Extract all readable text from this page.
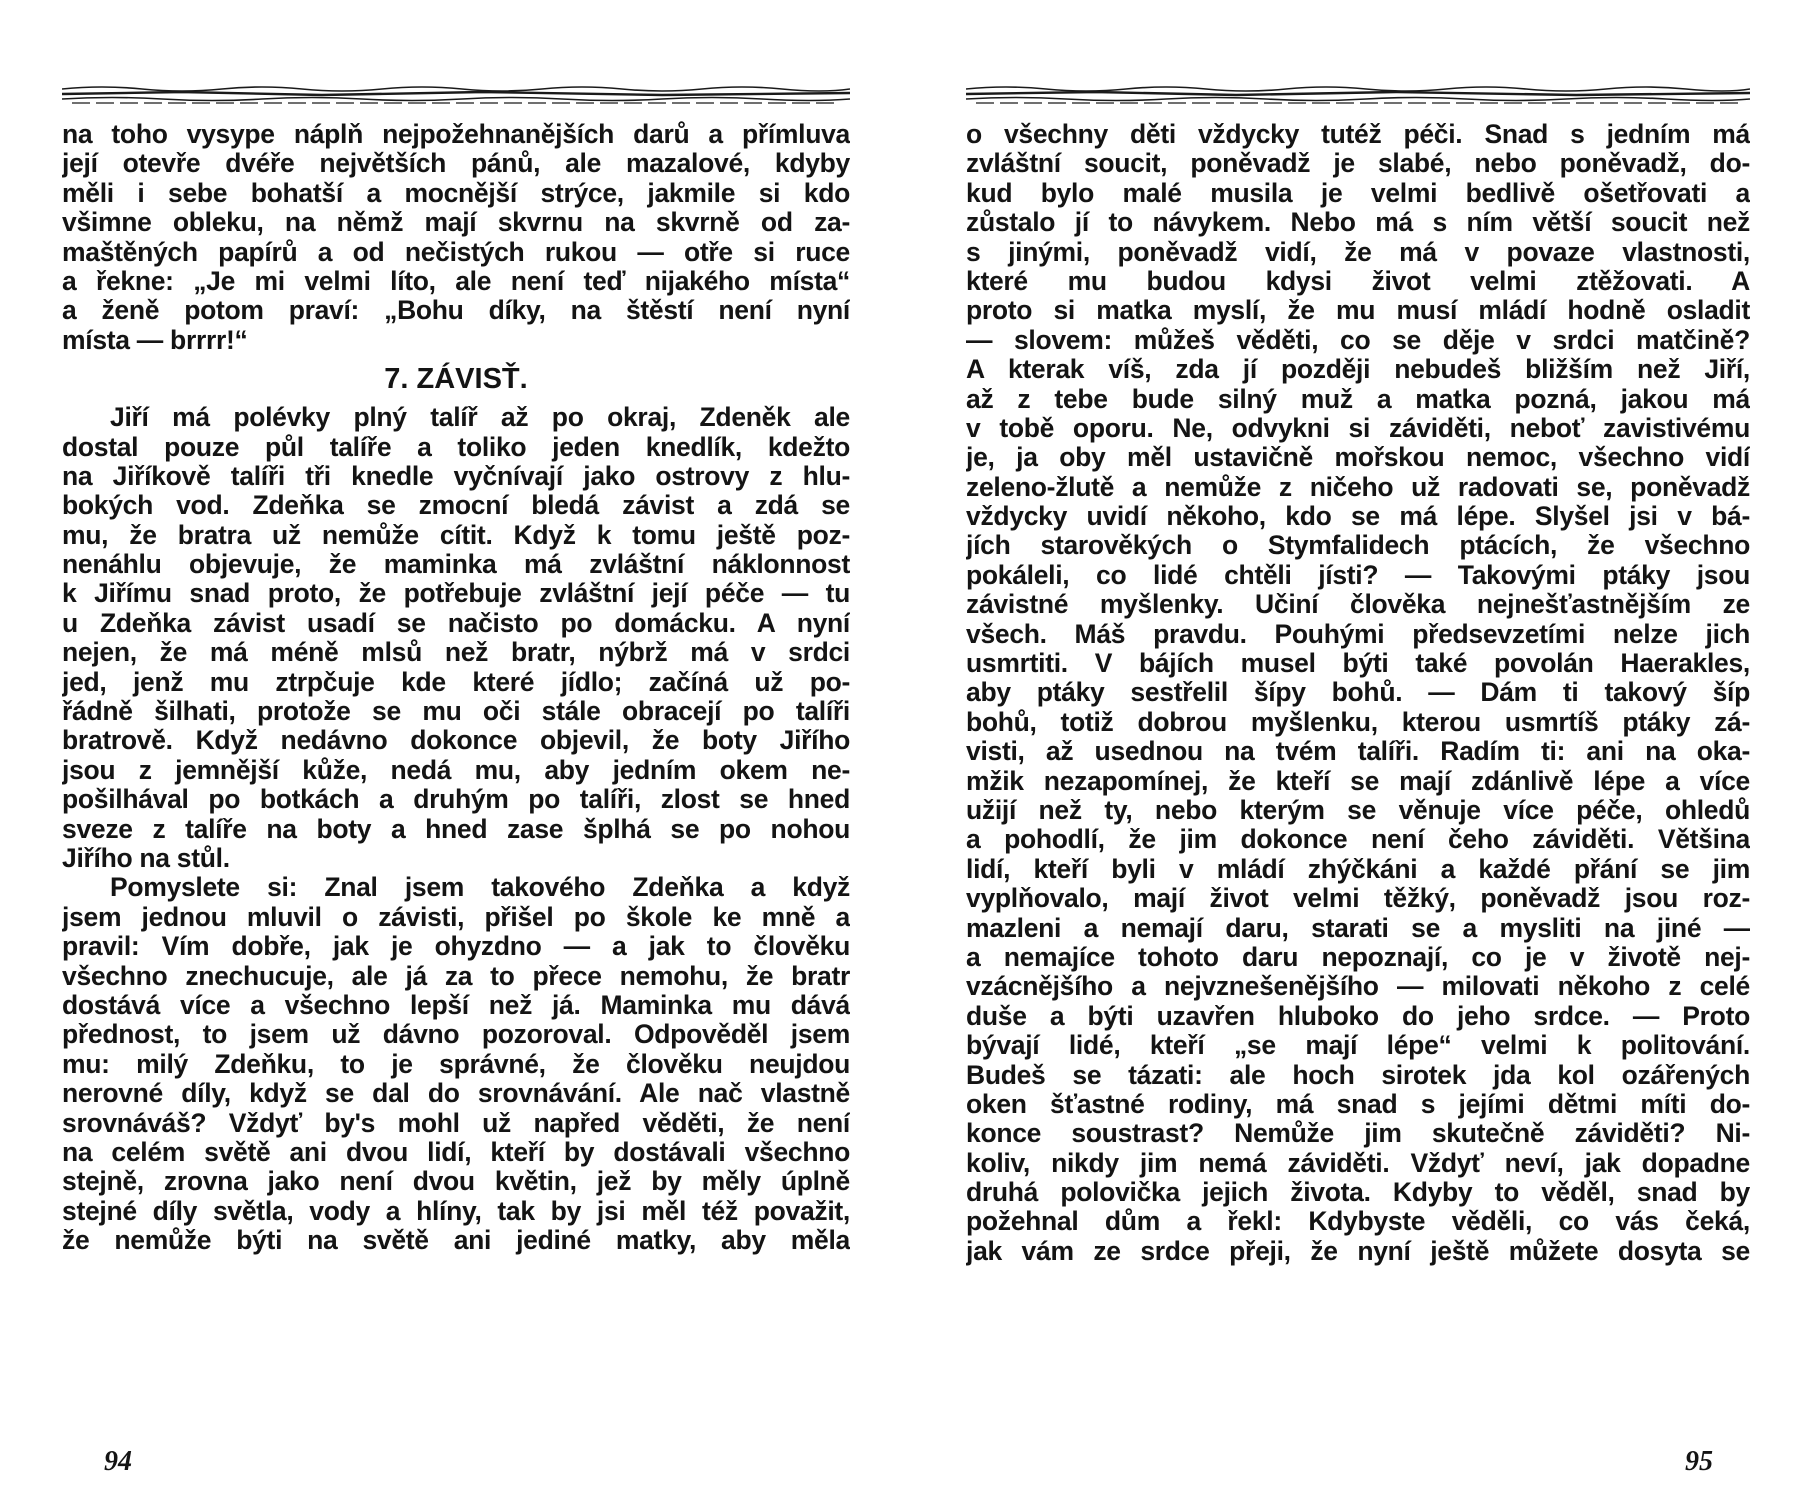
na toho vysype náplň nejpožehnanějších darů a přímluva
její otevře dvéře největších pánů, ale mazalové, kdyby
měli i sebe bohatší a mocnější strýce, jakmile si kdo
všimne obleku, na němž mají skvrnu na skvrně od za-
maštěných papírů a od nečistých rukou — otře si ruce
a řekne: „Je mi velmi líto, ale není teď nijakého místa“
a ženě potom praví: „Bohu díky, na štěstí není nyní
místa — brrrr!“
7. ZÁVISŤ.
Jiří má polévky plný talíř až po okraj, Zdeněk ale
dostal pouze půl talíře a toliko jeden knedlík, kdežto
na Jiříkově talíři tři knedle vyčnívají jako ostrovy z hlu-
bokých vod. Zdeňka se zmocní bledá závist a zdá se
mu, že bratra už nemůže cítit. Když k tomu ještě poz-
nenáhlu objevuje, že maminka má zvláštní náklonnost
k Jiřímu snad proto, že potřebuje zvláštní její péče — tu
u Zdeňka závist usadí se načisto po domácku. A nyní
nejen, že má méně mlsů než bratr, nýbrž má v srdci
jed, jenž mu ztrpčuje kde které jídlo; začíná už po-
řádně šilhati, protože se mu oči stále obracejí po talíři
bratrově. Když nedávno dokonce objevil, že boty Jiřího
jsou z jemnější kůže, nedá mu, aby jedním okem ne-
pošilhával po botkách a druhým po talíři, zlost se hned
sveze z talíře na boty a hned zase šplhá se po nohou
Jiřího na stůl.
Pomyslete si: Znal jsem takového Zdeňka a když
jsem jednou mluvil o závisti, přišel po škole ke mně a
pravil: Vím dobře, jak je ohyzdno — a jak to člověku
všechno znechucuje, ale já za to přece nemohu, že bratr
dostává více a všechno lepší než já. Maminka mu dává
přednost, to jsem už dávno pozoroval. Odpověděl jsem
mu: milý Zdeňku, to je správné, že člověku neujdou
nerovné díly, když se dal do srovnávání. Ale nač vlastně
srovnáváš? Vždyť by's mohl už napřed věděti, že není
na celém světě ani dvou lidí, kteří by dostávali všechno
stejně, zrovna jako není dvou květin, jež by měly úplně
stejné díly světla, vody a hlíny, tak by jsi měl též považit,
že nemůže býti na světě ani jediné matky, aby měla
94
o všechny děti vždycky tutéž péči. Snad s jedním má
zvláštní soucit, poněvadž je slabé, nebo poněvadž, do-
kud bylo malé musila je velmi bedlivě ošetřovati a
zůstalo jí to návykem. Nebo má s ním větší soucit než
s jinými, poněvadž vidí, že má v povaze vlastnosti,
které mu budou kdysi život velmi ztěžovati. A
proto si matka myslí, že mu musí mládí hodně osladit
— slovem: můžeš věděti, co se děje v srdci matčině?
A kterak víš, zda jí později nebudeš bližším než Jiří,
až z tebe bude silný muž a matka pozná, jakou má
v tobě oporu. Ne, odvykni si záviděti, neboť zavistivému
je, ja oby měl ustavičně mořskou nemoc, všechno vidí
zeleno-žlutě a nemůže z ničeho už radovati se, poněvadž
vždycky uvidí někoho, kdo se má lépe. Slyšel jsi v bá-
jích starověkých o Stymfalidech ptácích, že všechno
pokáleli, co lidé chtěli jísti? — Takovými ptáky jsou
závistné myšlenky. Učiní člověka nejnešťastnějším ze
všech. Máš pravdu. Pouhými předsevzetími nelze jich
usmrtiti. V bájích musel býti také povolán Haerakles,
aby ptáky sestřelil šípy bohů. — Dám ti takový šíp
bohů, totiž dobrou myšlenku, kterou usmrtíš ptáky zá-
visti, až usednou na tvém talíři. Radím ti: ani na oka-
mžik nezapomínej, že kteří se mají zdánlivě lépe a více
užijí než ty, nebo kterým se věnuje více péče, ohledů
a pohodlí, že jim dokonce není čeho záviděti. Většina
lidí, kteří byli v mládí zhýčkáni a každé přání se jim
vyplňovalo, mají život velmi těžký, poněvadž jsou roz-
mazleni a nemají daru, starati se a mysliti na jiné —
a nemajíce tohoto daru nepoznají, co je v životě nej-
vzácnějšího a nejvznešenějšího — milovati někoho z celé
duše a býti uzavřen hluboko do jeho srdce. — Proto
bývají lidé, kteří „se mají lépe“ velmi k politování.
Budeš se tázati: ale hoch sirotek jda kol ozářených
oken šťastné rodiny, má snad s jejími dětmi míti do-
konce soustrast? Nemůže jim skutečně záviděti? Ni-
koliv, nikdy jim nemá záviděti. Vždyť neví, jak dopadne
druhá polovička jejich života. Kdyby to věděl, snad by
požehnal dům a řekl: Kdybyste věděli, co vás čeká,
jak vám ze srdce přeji, že nyní ještě můžete dosyta se
95
